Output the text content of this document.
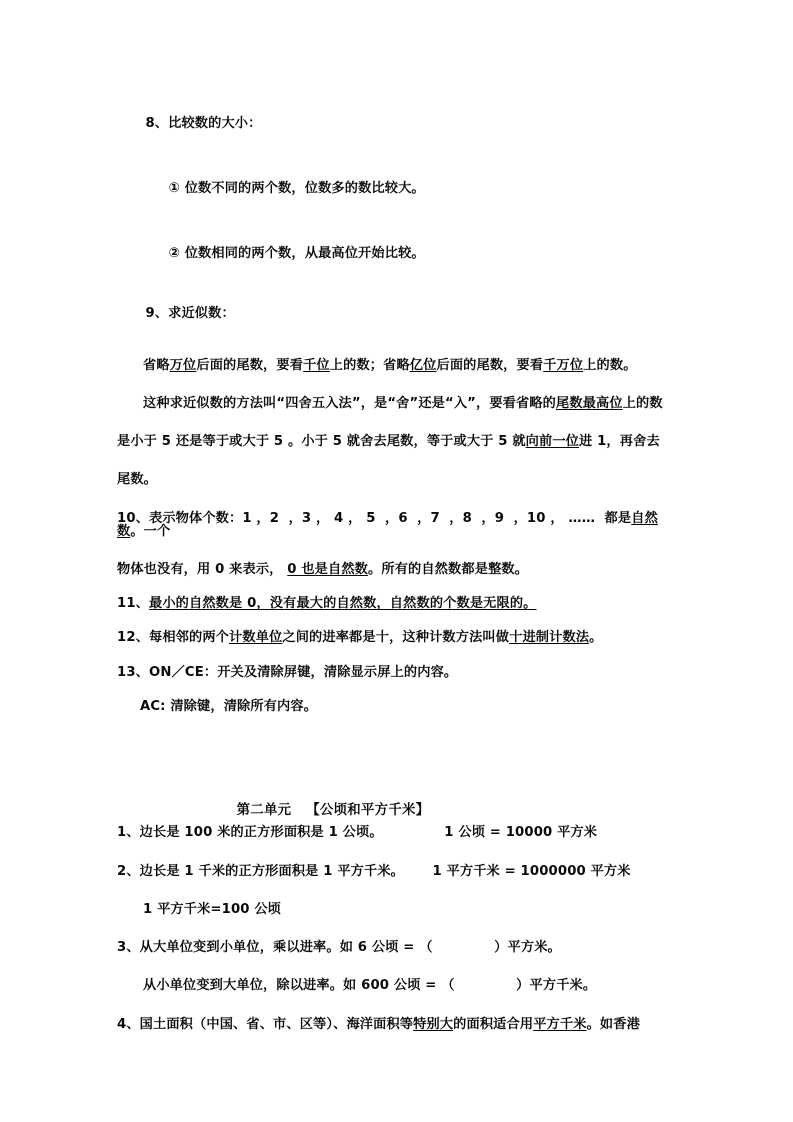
8、比较数的大小：

① 位数不同的两个数，位数多的数比较大。

② 位数相同的两个数，从最高位开始比较。

9、求近似数：

省略万位后面的尾数，要看千位上的数；省略亿位后面的尾数，要看千万位上的数。
这种求近似数的方法叫“四舍五入法”，是“舍”还是“入”，要看省略的尾数最高位上的数
是小于 5 还是等于或大于 5 。小于 5 就舍去尾数，等于或大于 5 就向前一位进 1，再舍去
尾数。
10、表示物体个数：1 ，2  ，3 ， 4 ， 5  ，6  ，7  ，8  ，9  ，10 ， ……  都是自然数。一个
物体也没有，用 0 来表示， 0 也是自然数。所有的自然数都是整数。
11、最小的自然数是 0，没有最大的自然数，自然数的个数是无限的。
12、每相邻的两个计数单位之间的进率都是十，这种计数方法叫做十进制计数法。
13、ON／CE：开关及清除屏键，清除显示屏上的内容。
AC: 清除键，清除所有内容。
第二单元   【公顷和平方千米】
1、边长是 100 米的正方形面积是 1 公顷。             1 公顷 = 10000 平方米
2、边长是 1 千米的正方形面积是 1 平方千米。      1 平方千米 = 1000000 平方米
1 平方千米=100 公顷
3、从大单位变到小单位，乘以进率。如 6 公顷 = （             ）平方米。
从小单位变到大单位，除以进率。如 600 公顷 = （             ）平方千米。
4、国土面积（中国、省、市、区等）、海洋面积等特别大的面积适合用平方千米。如香港
